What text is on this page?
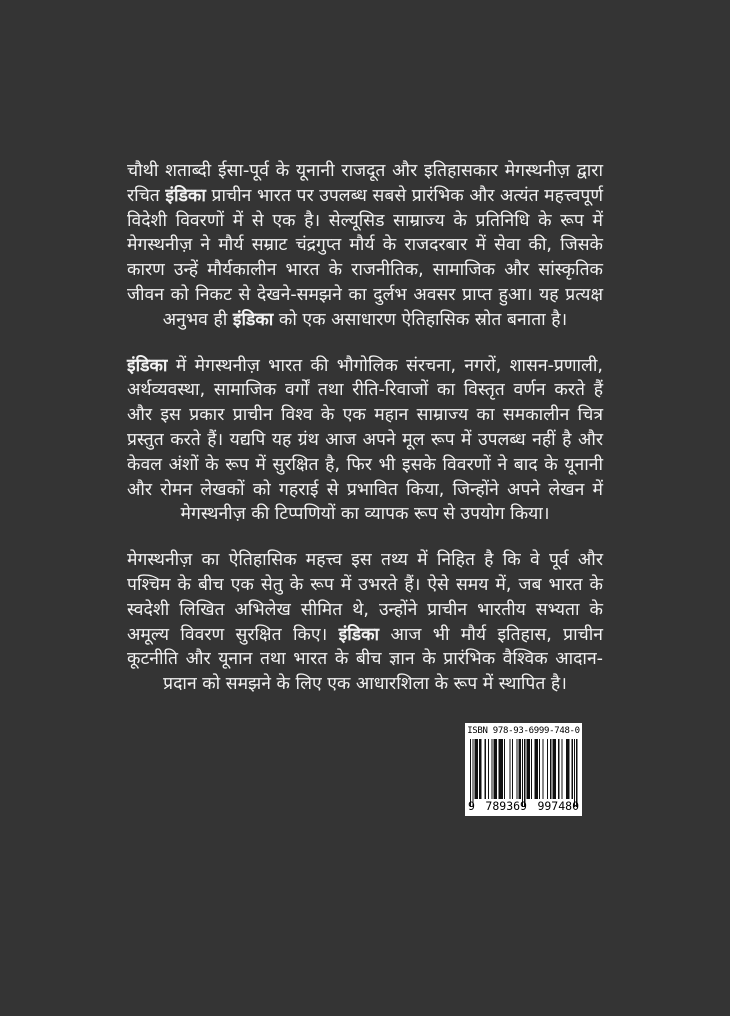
चौथी शताब्दी ईसा-पूर्व के यूनानी राजदूत और इतिहासकार मेगस्थनीज़ द्वारा रचित इंडिका प्राचीन भारत पर उपलब्ध सबसे प्रारंभिक और अत्यंत महत्त्वपूर्ण विदेशी विवरणों में से एक है। सेल्यूसिड साम्राज्य के प्रतिनिधि के रूप में मेगस्थनीज़ ने मौर्य सम्राट चंद्रगुप्त मौर्य के राजदरबार में सेवा की, जिसके कारण उन्हें मौर्यकालीन भारत के राजनीतिक, सामाजिक और सांस्कृतिक जीवन को निकट से देखने-समझने का दुर्लभ अवसर प्राप्त हुआ। यह प्रत्यक्ष अनुभव ही इंडिका को एक असाधारण ऐतिहासिक स्रोत बनाता है।

इंडिका में मेगस्थनीज़ भारत की भौगोलिक संरचना, नगरों, शासन-प्रणाली, अर्थव्यवस्था, सामाजिक वर्गों तथा रीति-रिवाजों का विस्तृत वर्णन करते हैं और इस प्रकार प्राचीन विश्व के एक महान साम्राज्य का समकालीन चित्र प्रस्तुत करते हैं। यद्यपि यह ग्रंथ आज अपने मूल रूप में उपलब्ध नहीं है और केवल अंशों के रूप में सुरक्षित है, फिर भी इसके विवरणों ने बाद के यूनानी और रोमन लेखकों को गहराई से प्रभावित किया, जिन्होंने अपने लेखन में मेगस्थनीज़ की टिप्पणियों का व्यापक रूप से उपयोग किया।

मेगस्थनीज़ का ऐतिहासिक महत्त्व इस तथ्य में निहित है कि वे पूर्व और पश्चिम के बीच एक सेतु के रूप में उभरते हैं। ऐसे समय में, जब भारत के स्वदेशी लिखित अभिलेख सीमित थे, उन्होंने प्राचीन भारतीय सभ्यता के अमूल्य विवरण सुरक्षित किए। इंडिका आज भी मौर्य इतिहास, प्राचीन कूटनीति और यूनान तथा भारत के बीच ज्ञान के प्रारंभिक वैश्विक आदान-प्रदान को समझने के लिए एक आधारशिला के रूप में स्थापित है।

ISBN 978-93-6999-748-0
9 789369 997480
